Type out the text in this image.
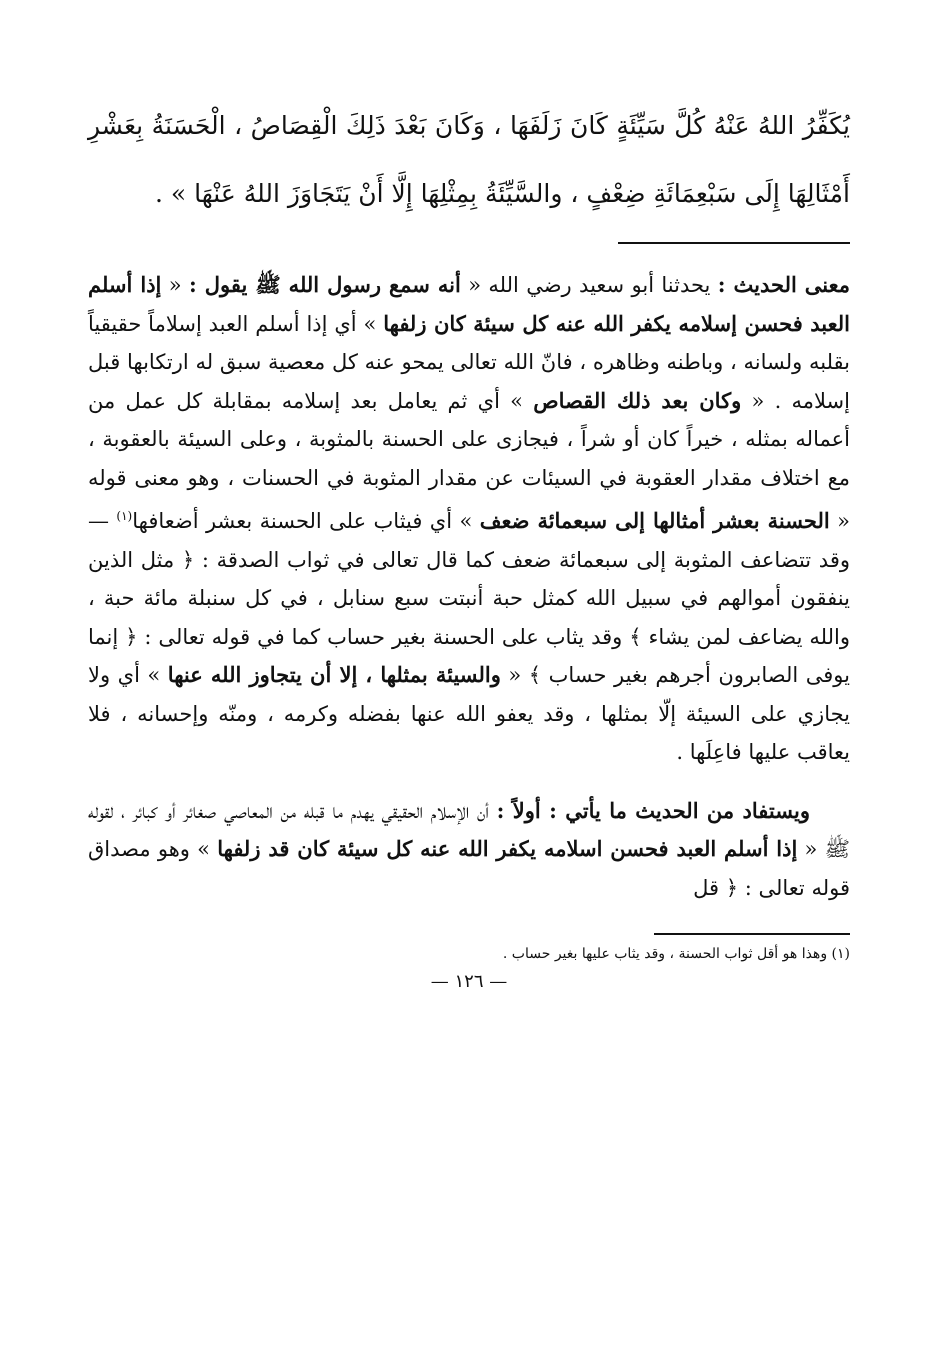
يُكَفِّرُ اللهُ عَنْهُ كُلَّ سَيِّئَةٍ كَانَ زَلَفَهَا ، وَكَانَ بَعْدَ ذَلِكَ الْقِصَاصُ ، الْحَسَنَةُ بِعَشْرِ أَمْثَالِهَا إِلَى سَبْعِمَائَةِ ضِعْفٍ ، والسَّيِّئَةُ بِمِثْلِهَا إِلَّا أَنْ يَتَجَاوَزَ اللهُ عَنْهَا » .

معنى الحديث : يحدثنا أبو سعيد رضي الله « أنه سمع رسول الله ﷺ يقول : « إذا أسلم العبد فحسن إسلامه يكفر الله عنه كل سيئة كان زلفها » أي إذا أسلم العبد إسلاماً حقيقياً بقلبه ولسانه ، وباطنه وظاهره ، فانّ الله تعالى يمحو عنه كل معصية سبق له ارتكابها قبل إسلامه . « وكان بعد ذلك القصاص » أي ثم يعامل بعد إسلامه بمقابلة كل عمل من أعماله بمثله ، خيراً كان أو شراً ، فيجازى على الحسنة بالمثوبة ، وعلى السيئة بالعقوبة ، مع اختلاف مقدار العقوبة في السيئات عن مقدار المثوبة في الحسنات ، وهو معنى قوله « الحسنة بعشر أمثالها إلى سبعمائة ضعف » أي فيثاب على الحسنة بعشر أضعافها$^{(١)}$ — وقد تتضاعف المثوبة إلى سبعمائة ضعف كما قال تعالى في ثواب الصدقة : ﴿ مثل الذين ينفقون أموالهم في سبيل الله كمثل حبة أنبتت سبع سنابل ، في كل سنبلة مائة حبة ، والله يضاعف لمن يشاء ﴾ وقد يثاب على الحسنة بغير حساب كما في قوله تعالى : ﴿ إنما يوفى الصابرون أجرهم بغير حساب ﴾ « والسيئة بمثلها ، إلا أن يتجاوز الله عنها » أي ولا يجازي على السيئة إلّا بمثلها ، وقد يعفو الله عنها بفضله وكرمه ، ومنّه وإحسانه ، فلا يعاقب عليها فاعِلَها .

ويستفاد من الحديث ما يأتي : أولاً : أن الإسلام الحقيقي يهدم ما قبله من المعاصي صغائر أو كبائر ، لقوله ﷺ « إذا أسلم العبد فحسن اسلامه يكفر الله عنه كل سيئة كان قد زلفها » وهو مصداق قوله تعالى : ﴿ قل

(١) وهذا هو أقل ثواب الحسنة ، وقد يثاب عليها بغير حساب .

— ١٢٦ —
